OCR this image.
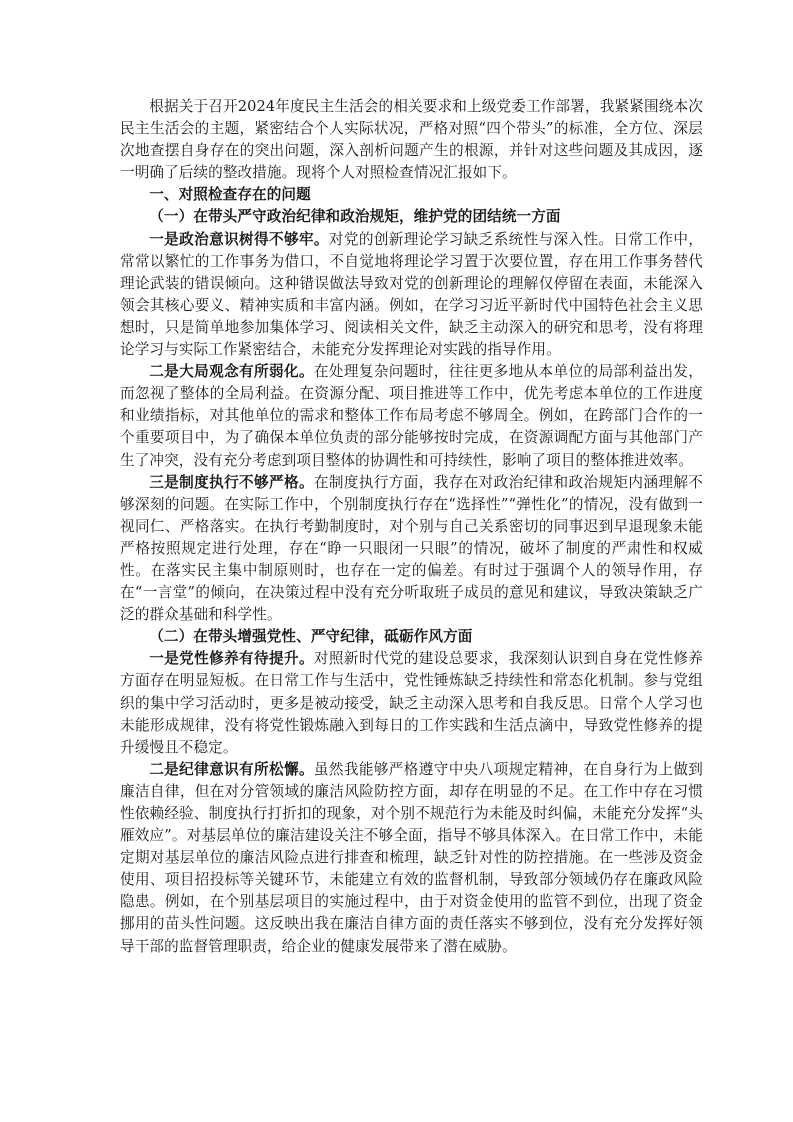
根据关于召开2024年度民主生活会的相关要求和上级党委工作部署，我紧紧围绕本次民主生活会的主题，紧密结合个人实际状况，严格对照“四个带头”的标准，全方位、深层次地查摆自身存在的突出问题，深入剖析问题产生的根源，并针对这些问题及其成因，逐一明确了后续的整改措施。现将个人对照检查情况汇报如下。

一、对照检查存在的问题

（一）在带头严守政治纪律和政治规矩，维护党的团结统一方面

一是政治意识树得不够牢。对党的创新理论学习缺乏系统性与深入性。日常工作中，常常以繁忙的工作事务为借口，不自觉地将理论学习置于次要位置，存在用工作事务替代理论武装的错误倾向。这种错误做法导致对党的创新理论的理解仅停留在表面，未能深入领会其核心要义、精神实质和丰富内涵。例如，在学习习近平新时代中国特色社会主义思想时，只是简单地参加集体学习、阅读相关文件，缺乏主动深入的研究和思考，没有将理论学习与实际工作紧密结合，未能充分发挥理论对实践的指导作用。

二是大局观念有所弱化。在处理复杂问题时，往往更多地从本单位的局部利益出发，而忽视了整体的全局利益。在资源分配、项目推进等工作中，优先考虑本单位的工作进度和业绩指标，对其他单位的需求和整体工作布局考虑不够周全。例如，在跨部门合作的一个重要项目中，为了确保本单位负责的部分能够按时完成，在资源调配方面与其他部门产生了冲突，没有充分考虑到项目整体的协调性和可持续性，影响了项目的整体推进效率。

三是制度执行不够严格。在制度执行方面，我存在对政治纪律和政治规矩内涵理解不够深刻的问题。在实际工作中，个别制度执行存在“选择性”“弹性化”的情况，没有做到一视同仁、严格落实。在执行考勤制度时，对个别与自己关系密切的同事迟到早退现象未能严格按照规定进行处理，存在“睁一只眼闭一只眼”的情况，破坏了制度的严肃性和权威性。在落实民主集中制原则时，也存在一定的偏差。有时过于强调个人的领导作用，存在“一言堂”的倾向，在决策过程中没有充分听取班子成员的意见和建议，导致决策缺乏广泛的群众基础和科学性。

（二）在带头增强党性、严守纪律，砥砺作风方面

一是党性修养有待提升。对照新时代党的建设总要求，我深刻认识到自身在党性修养方面存在明显短板。在日常工作与生活中，党性锤炼缺乏持续性和常态化机制。参与党组织的集中学习活动时，更多是被动接受，缺乏主动深入思考和自我反思。日常个人学习也未能形成规律，没有将党性锻炼融入到每日的工作实践和生活点滴中，导致党性修养的提升缓慢且不稳定。

二是纪律意识有所松懈。虽然我能够严格遵守中央八项规定精神，在自身行为上做到廉洁自律，但在对分管领域的廉洁风险防控方面，却存在明显的不足。在工作中存在习惯性依赖经验、制度执行打折扣的现象，对个别不规范行为未能及时纠偏，未能充分发挥“头雁效应”。对基层单位的廉洁建设关注不够全面，指导不够具体深入。在日常工作中，未能定期对基层单位的廉洁风险点进行排查和梳理，缺乏针对性的防控措施。在一些涉及资金使用、项目招投标等关键环节，未能建立有效的监督机制，导致部分领域仍存在廉政风险隐患。例如，在个别基层项目的实施过程中，由于对资金使用的监管不到位，出现了资金挪用的苗头性问题。这反映出我在廉洁自律方面的责任落实不够到位，没有充分发挥好领导干部的监督管理职责，给企业的健康发展带来了潜在威胁。
